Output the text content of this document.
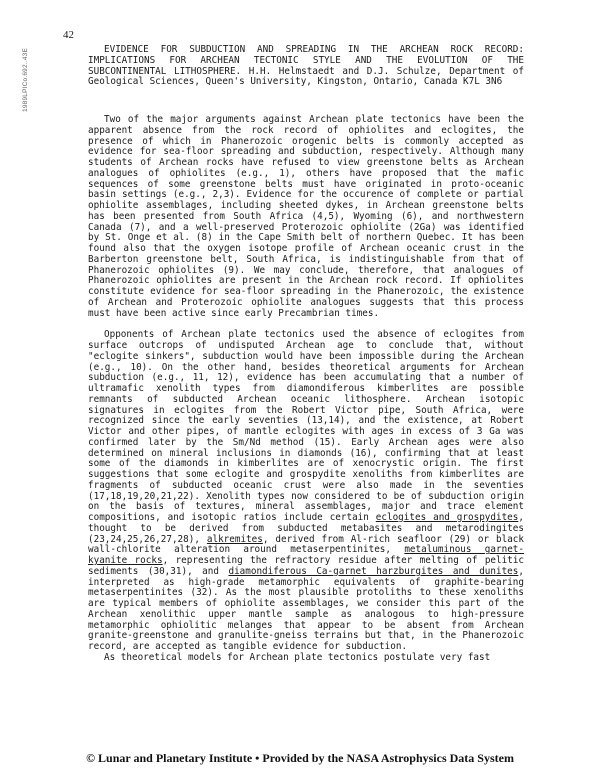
42
1989LPICo.692..43E	EVIDENCE FOR SUBDUCTION AND SPREADING IN THE ARCHEAN ROCK RECORD: IMPLICATIONS FOR ARCHEAN TECTONIC STYLE AND THE EVOLUTION OF THE SUBCONTINENTAL LITHOSPHERE. H.H. Helmstaedt and D.J. Schulze, Department of Geological Sciences, Queen's University, Kingston, Ontario, Canada K7L 3N6

Two of the major arguments against Archean plate tectonics have been the apparent absence from the rock record of ophiolites and eclogites, the presence of which in Phanerozoic orogenic belts is commonly accepted as evidence for sea-floor spreading and subduction, respectively. Although many students of Archean rocks have refused to view greenstone belts as Archean analogues of ophiolites (e.g., 1), others have proposed that the mafic sequences of some greenstone belts must have originated in proto-oceanic basin settings (e.g., 2,3). Evidence for the occurence of complete or partial ophiolite assemblages, including sheeted dykes, in Archean greenstone belts has been presented from South Africa (4,5), Wyoming (6), and northwestern Canada (7), and a well-preserved Proterozoic ophiolite (2Ga) was identified by St. Onge et al. (8) in the Cape Smith belt of northern Quebec. It has been found also that the oxygen isotope profile of Archean oceanic crust in the Barberton greenstone belt, South Africa, is indistinguishable from that of Phanerozoic ophiolites (9). We may conclude, therefore, that analogues of Phanerozoic ophiolites are present in the Archean rock record. If ophiolites constitute evidence for sea-floor spreading in the Phanerozoic, the existence of Archean and Proterozoic ophiolite analogues suggests that this process must have been active since early Precambrian times.

Opponents of Archean plate tectonics used the absence of eclogites from surface outcrops of undisputed Archean age to conclude that, without "eclogite sinkers", subduction would have been impossible during the Archean (e.g., 10). On the other hand, besides theoretical arguments for Archean subduction (e.g., 11, 12), evidence has been accumulating that a number of ultramafic xenolith types from diamondiferous kimberlites are possible remnants of subducted Archean oceanic lithosphere. Archean isotopic signatures in eclogites from the Robert Victor pipe, South Africa, were recognized since the early seventies (13,14), and the existence, at Robert Victor and other pipes, of mantle eclogites with ages in excess of 3 Ga was confirmed later by the Sm/Nd method (15). Early Archean ages were also determined on mineral inclusions in diamonds (16), confirming that at least some of the diamonds in kimberlites are of xenocrystic origin. The first suggestions that some eclogite and grospydite xenoliths from kimberlites are fragments of subducted oceanic crust were also made in the seventies (17,18,19,20,21,22). Xenolith types now considered to be of subduction origin on the basis of textures, mineral assemblages, major and trace element compositions, and isotopic ratios include certain eclogites and grospydites, thought to be derived from subducted metabasites and metarodingites (23,24,25,26,27,28), alkremites, derived from Al-rich seafloor (29) or black wall-chlorite alteration around metaserpentinites, metaluminous garnet-kyanite rocks, representing the refractory residue after melting of pelitic sediments (30,31), and diamondiferous Ca-garnet harzburgites and dunites, interpreted as high-grade metamorphic equivalents of graphite-bearing metaserpentinites (32). As the most plausible protoliths to these xenoliths are typical members of ophiolite assemblages, we consider this part of the Archean xenolithic upper mantle sample as analogous to high-pressure metamorphic ophiolitic melanges that appear to be absent from Archean granite-greenstone and granulite-gneiss terrains but that, in the Phanerozoic record, are accepted as tangible evidence for subduction.

As theoretical models for Archean plate tectonics postulate very fast

© Lunar and Planetary Institute • Provided by the NASA Astrophysics Data System
